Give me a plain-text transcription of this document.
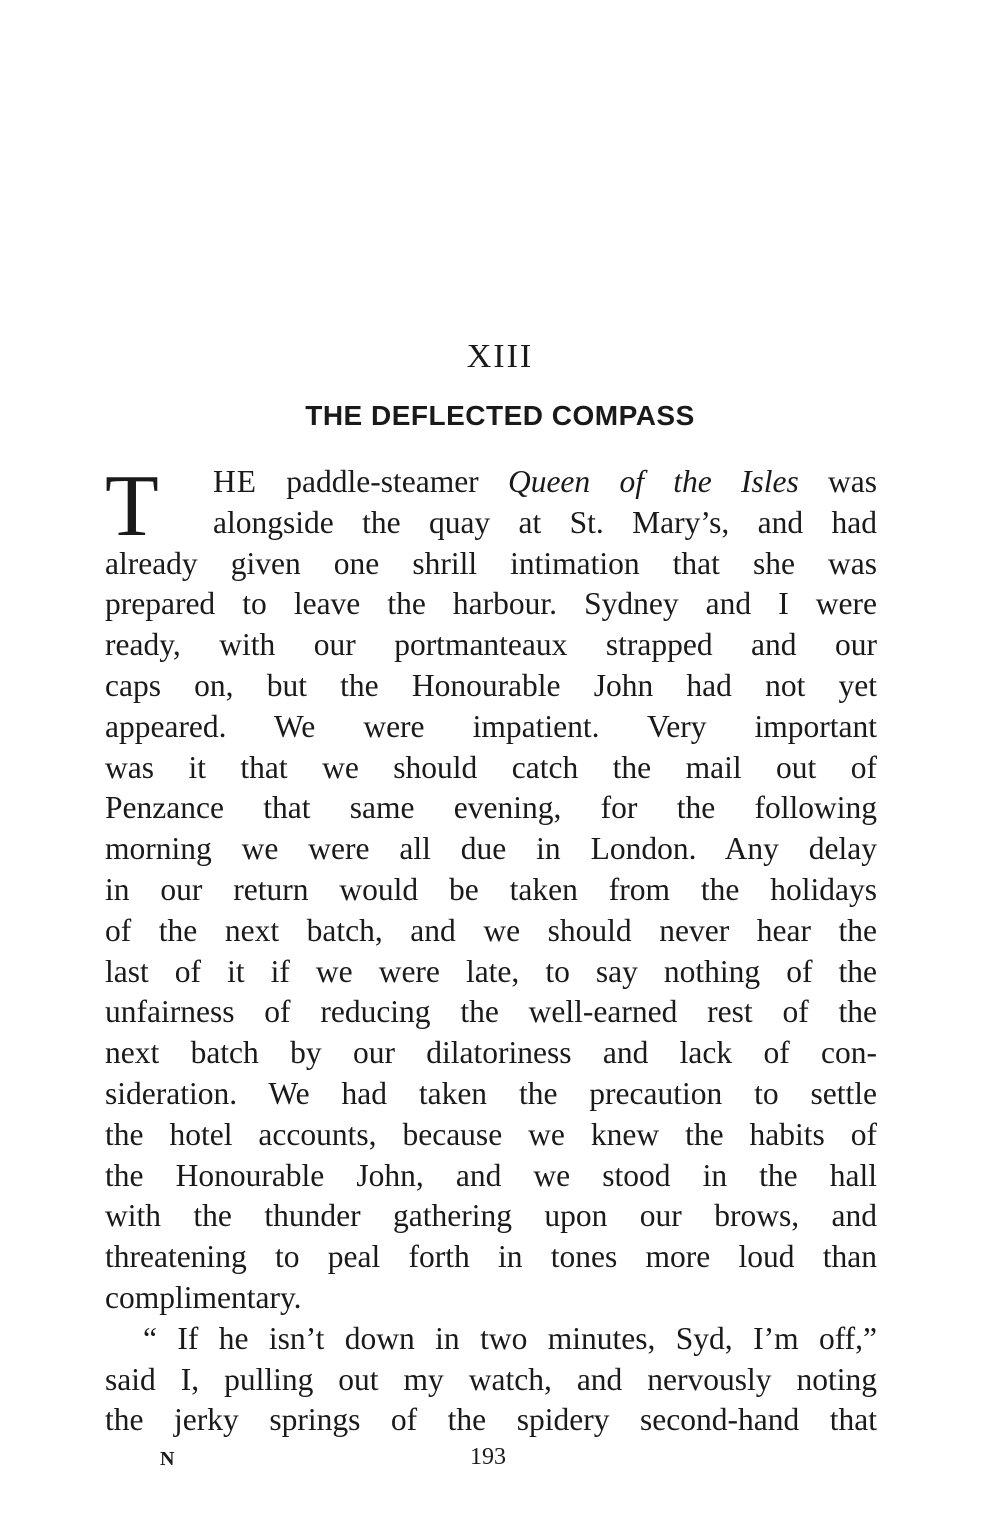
XIII
THE DEFLECTED COMPASS
T	HE paddle-steamer Queen of the Isles was
alongside the quay at St. Mary’s, and had
already given one shrill intimation that she was
prepared to leave the harbour. Sydney and I were
ready, with our portmanteaux strapped and our
caps on, but the Honourable John had not yet
appeared. We were impatient. Very important
was it that we should catch the mail out of
Penzance that same evening, for the following
morning we were all due in London. Any delay
in our return would be taken from the holidays
of the next batch, and we should never hear the
last of it if we were late, to say nothing of the
unfairness of reducing the well-earned rest of the
next batch by our dilatoriness and lack of con-
sideration. We had taken the precaution to settle
the hotel accounts, because we knew the habits of
the Honourable John, and we stood in the hall
with the thunder gathering upon our brows, and
threatening to peal forth in tones more loud than
complimentary.
“ If he isn’t down in two minutes, Syd, I’m off,”
said I, pulling out my watch, and nervously noting
the jerky springs of the spidery second-hand that
N	193
